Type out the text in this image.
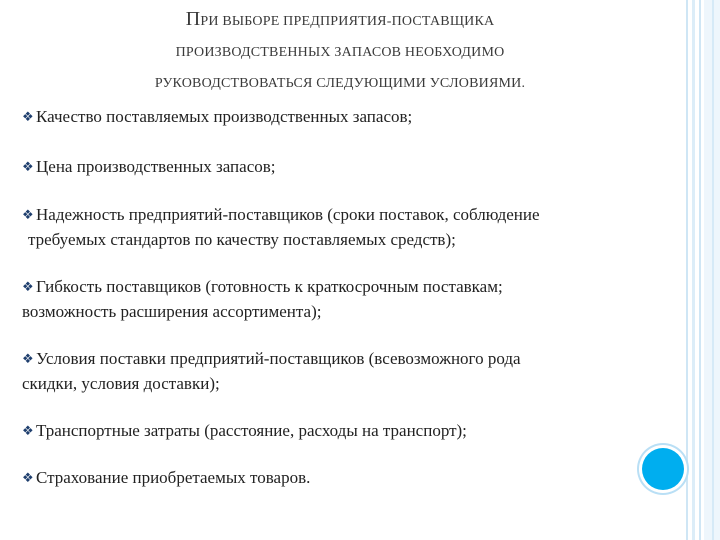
ПРИ ВЫБОРЕ ПРЕДПРИЯТИЯ-ПОСТАВЩИКА
ПРОИЗВОДСТВЕННЫХ ЗАПАСОВ НЕОБХОДИМО
РУКОВОДСТВОВАТЬСЯ СЛЕДУЮЩИМИ УСЛОВИЯМИ.
❖ Качество поставляемых производственных запасов;
❖ Цена производственных запасов;
❖ Надежность предприятий-поставщиков (сроки поставок, соблюдение
требуемых стандартов по качеству поставляемых средств);
❖ Гибкость поставщиков (готовность к краткосрочным поставкам;
возможность расширения ассортимента);
❖ Условия поставки предприятий-поставщиков (всевозможного рода
скидки, условия доставки);
❖ Транспортные затраты (расстояние, расходы на транспорт);
❖ Страхование приобретаемых товаров.
